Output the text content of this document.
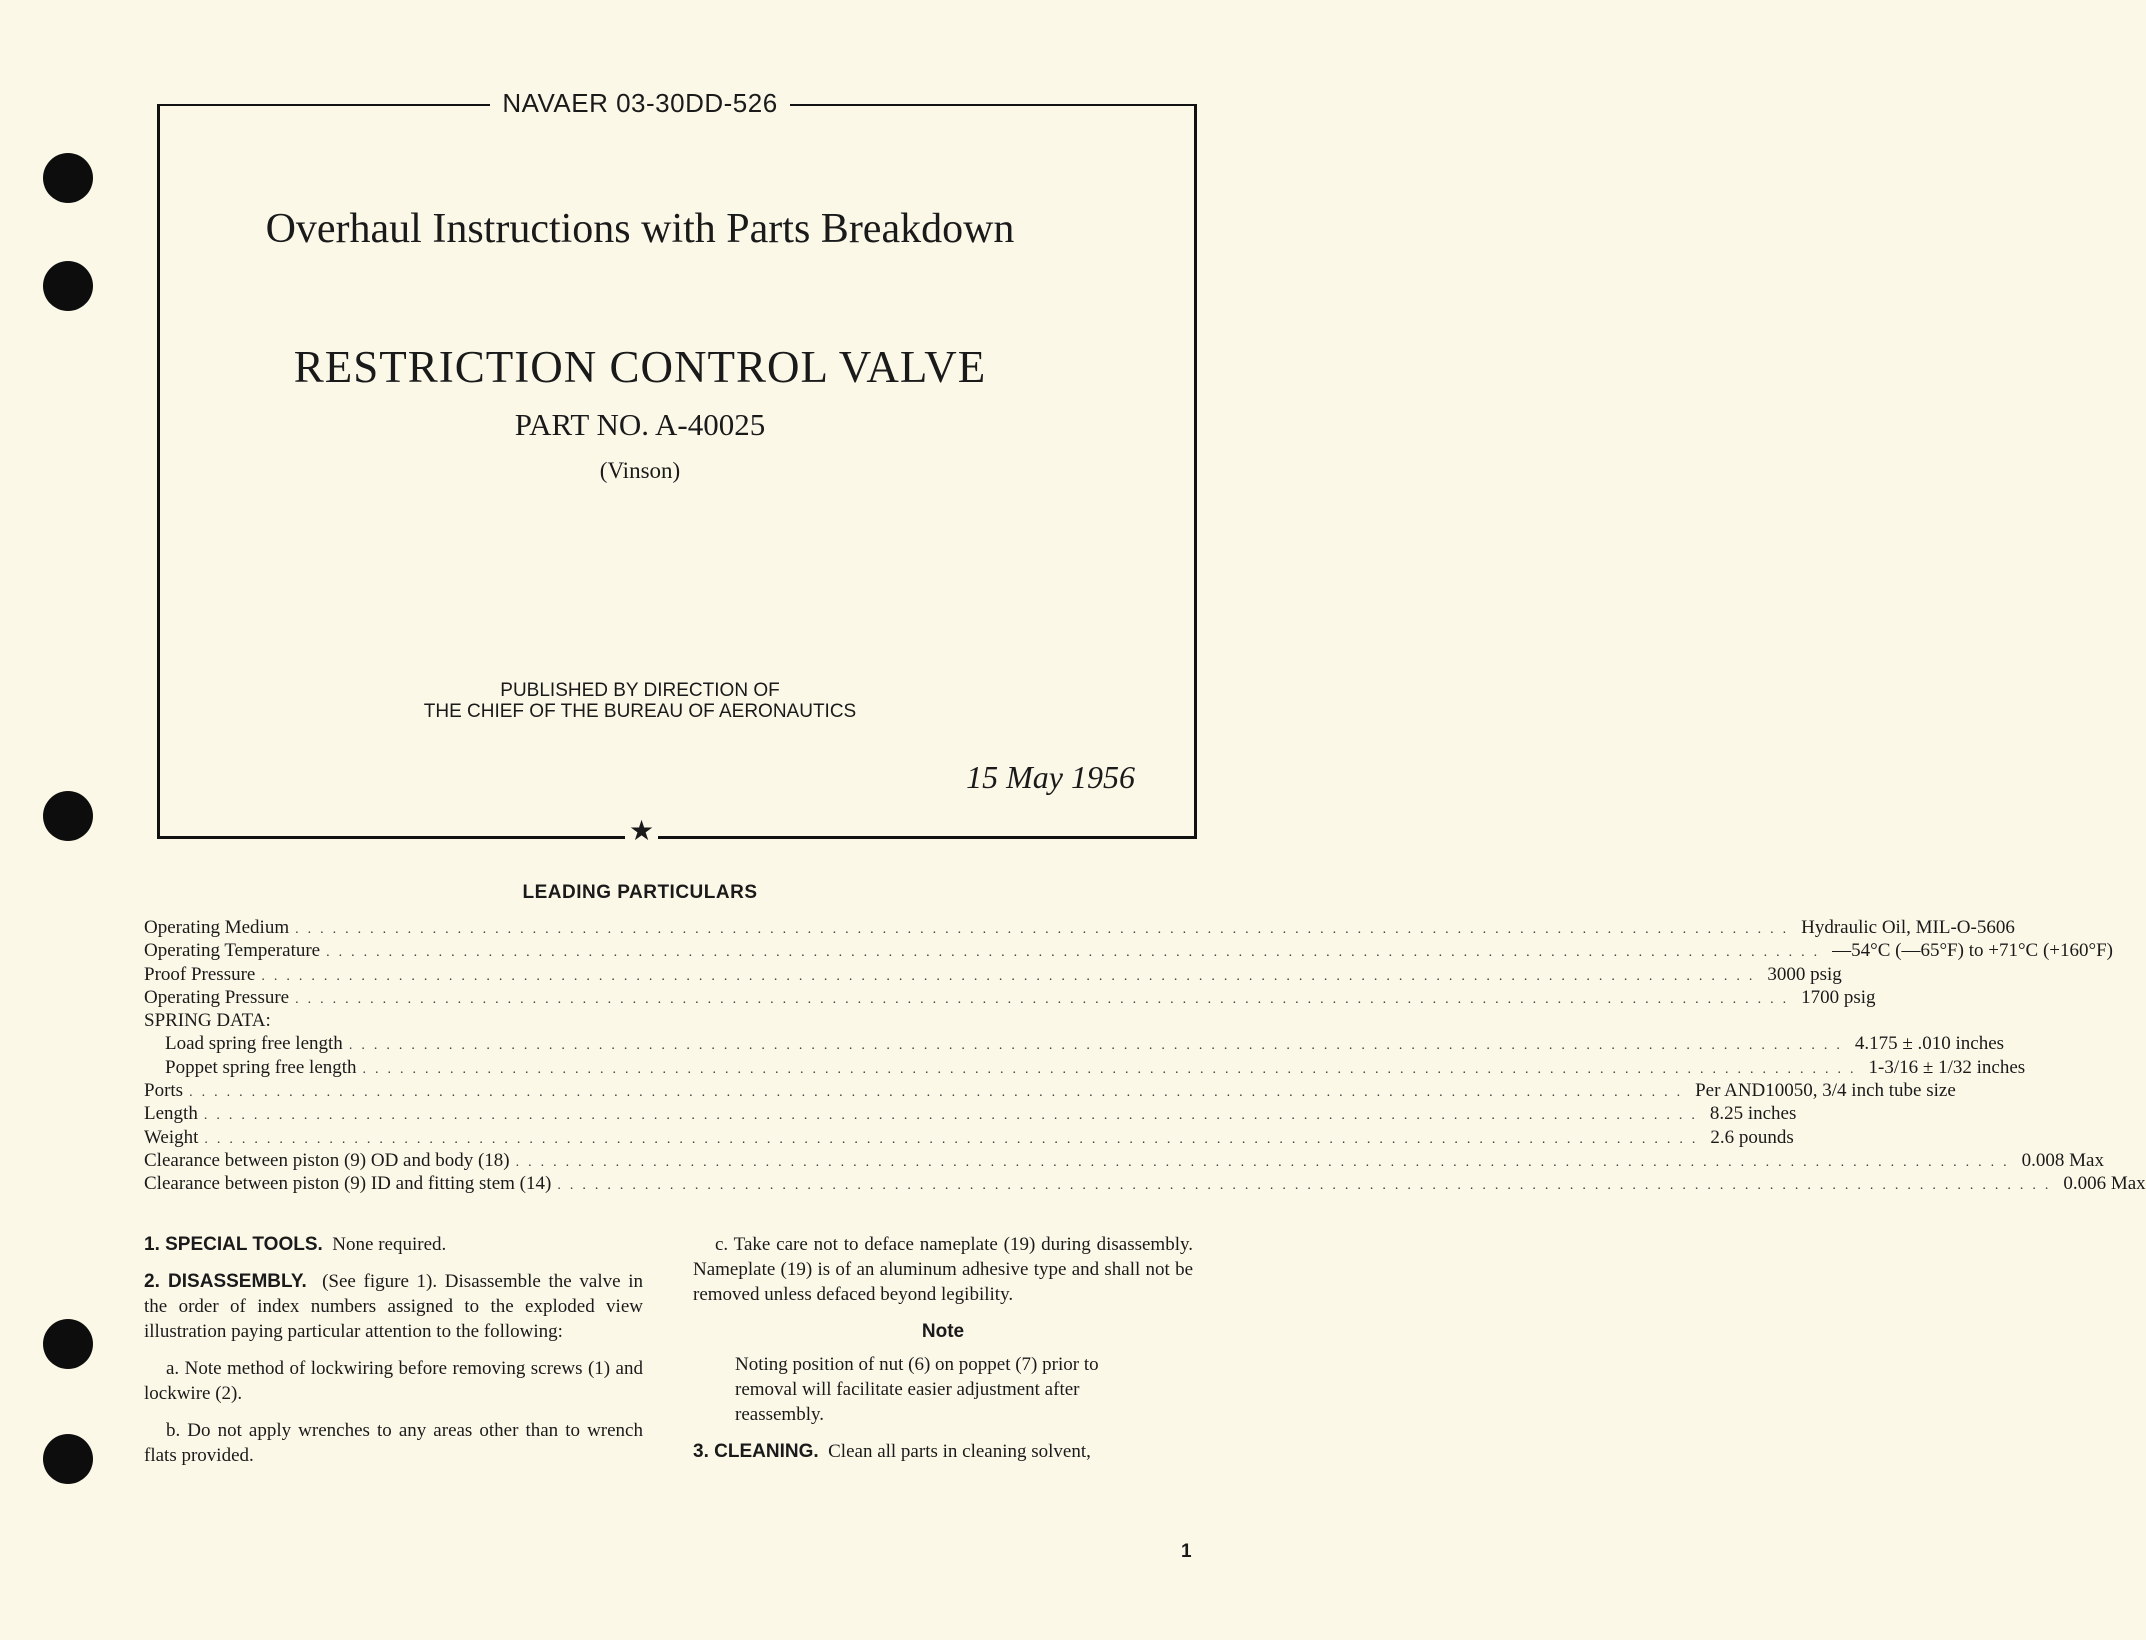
NAVAER 03-30DD-526
Overhaul Instructions with Parts Breakdown
RESTRICTION CONTROL VALVE
PART NO. A-40025
(Vinson)
PUBLISHED BY DIRECTION OF
THE CHIEF OF THE BUREAU OF AERONAUTICS
15 May 1956
★
LEADING PARTICULARS
Operating Medium ........................................................................................................................ Hydraulic Oil, MIL-O-5606
Operating Temperature ........................................................................................................................ —54°C (—65°F) to +71°C (+160°F)
Proof Pressure ........................................................................................................................ 3000 psig
Operating Pressure ........................................................................................................................ 1700 psig
SPRING DATA:
Load spring free length ........................................................................................................................ 4.175 ± .010 inches
Poppet spring free length ........................................................................................................................ 1-3/16 ± 1/32 inches
Ports ........................................................................................................................ Per AND10050, 3/4 inch tube size
Length ........................................................................................................................ 8.25 inches
Weight ........................................................................................................................ 2.6 pounds
Clearance between piston (9) OD and body (18) ........................................................................................................................ 0.008 Max
Clearance between piston (9) ID and fitting stem (14) ........................................................................................................................ 0.006 Max

1. SPECIAL TOOLS. None required.

2. DISASSEMBLY. (See figure 1). Disassemble the valve in the order of index numbers assigned to the exploded view illustration paying particular attention to the following:

a. Note method of lockwiring before removing screws (1) and lockwire (2).

b. Do not apply wrenches to any areas other than to wrench flats provided.

c. Take care not to deface nameplate (19) during disassembly. Nameplate (19) is of an aluminum adhesive type and shall not be removed unless defaced beyond legibility.

Note

Noting position of nut (6) on poppet (7) prior to removal will facilitate easier adjustment after reassembly.

3. CLEANING. Clean all parts in cleaning solvent,

1
